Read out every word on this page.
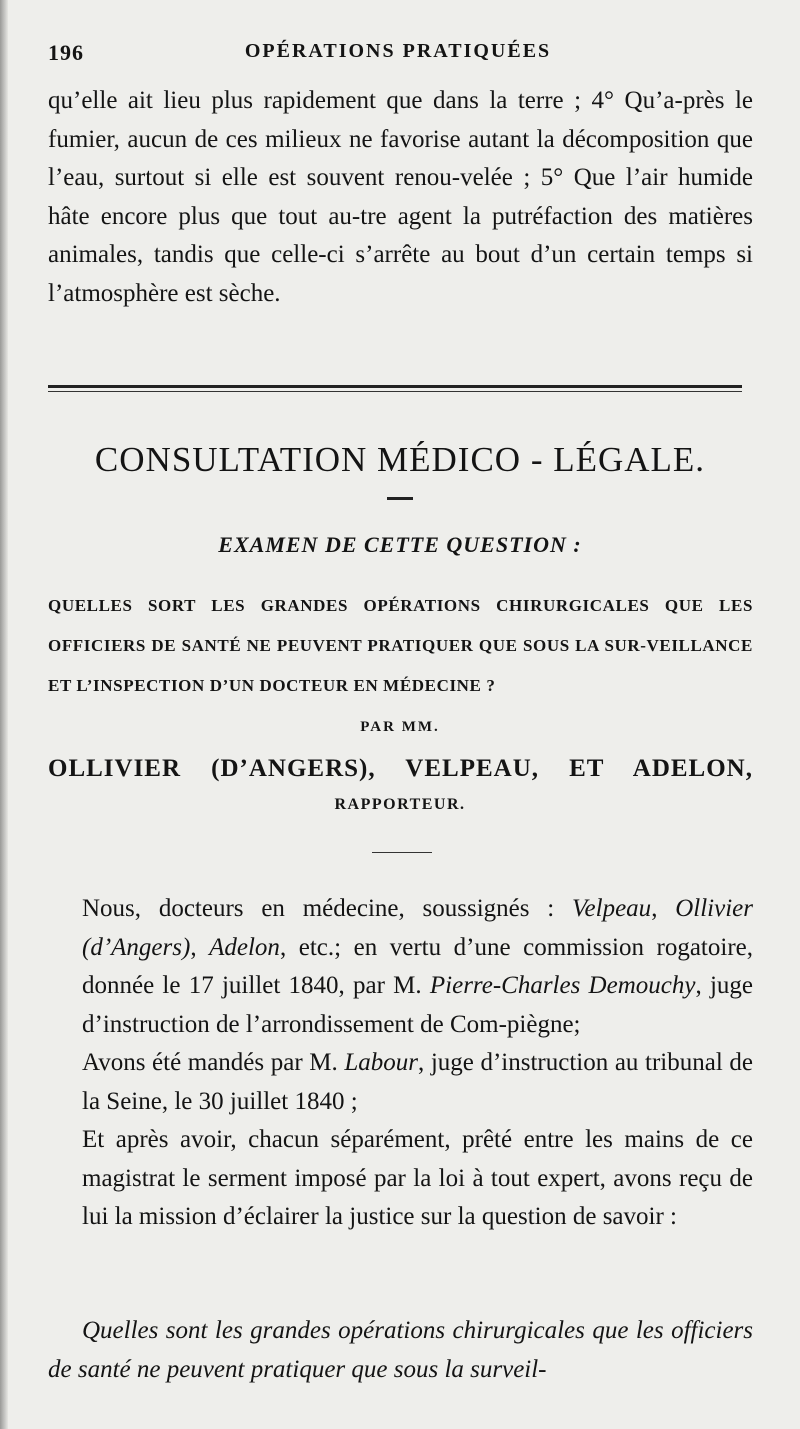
196	OPÉRATIONS PRATIQUÉES

qu’elle ait lieu plus rapidement que dans la terre ; 4° Qu’a-près le fumier, aucun de ces milieux ne favorise autant la décomposition que l’eau, surtout si elle est souvent renou-velée ; 5° Que l’air humide hâte encore plus que tout au-tre agent la putréfaction des matières animales, tandis que celle-ci s’arrête au bout d’un certain temps si l’atmosphère est sèche.

CONSULTATION MÉDICO - LÉGALE.
EXAMEN DE CETTE QUESTION :

QUELLES SORT LES GRANDES OPÉRATIONS CHIRURGICALES QUE LES OFFICIERS DE SANTÉ NE PEUVENT PRATIQUER QUE SOUS LA SUR-VEILLANCE ET L’INSPECTION D’UN DOCTEUR EN MÉDECINE ?

PAR MM.

OLLIVIER (D’ANGERS), VELPEAU, ET ADELON,

RAPPORTEUR.
Nous, docteurs en médecine, soussignés : Velpeau, Ollivier (d’Angers), Adelon, etc.; en vertu d’une commission rogatoire, donnée le 17 juillet 1840, par M. Pierre-Charles Demouchy, juge d’instruction de l’arrondissement de Com-piègne;
Avons été mandés par M. Labour, juge d’instruction au tribunal de la Seine, le 30 juillet 1840 ;
Et après avoir, chacun séparément, prêté entre les mains de ce magistrat le serment imposé par la loi à tout expert, avons reçu de lui la mission d’éclairer la justice sur la question de savoir :

Quelles sont les grandes opérations chirurgicales que les officiers de santé ne peuvent pratiquer que sous la surveil-
